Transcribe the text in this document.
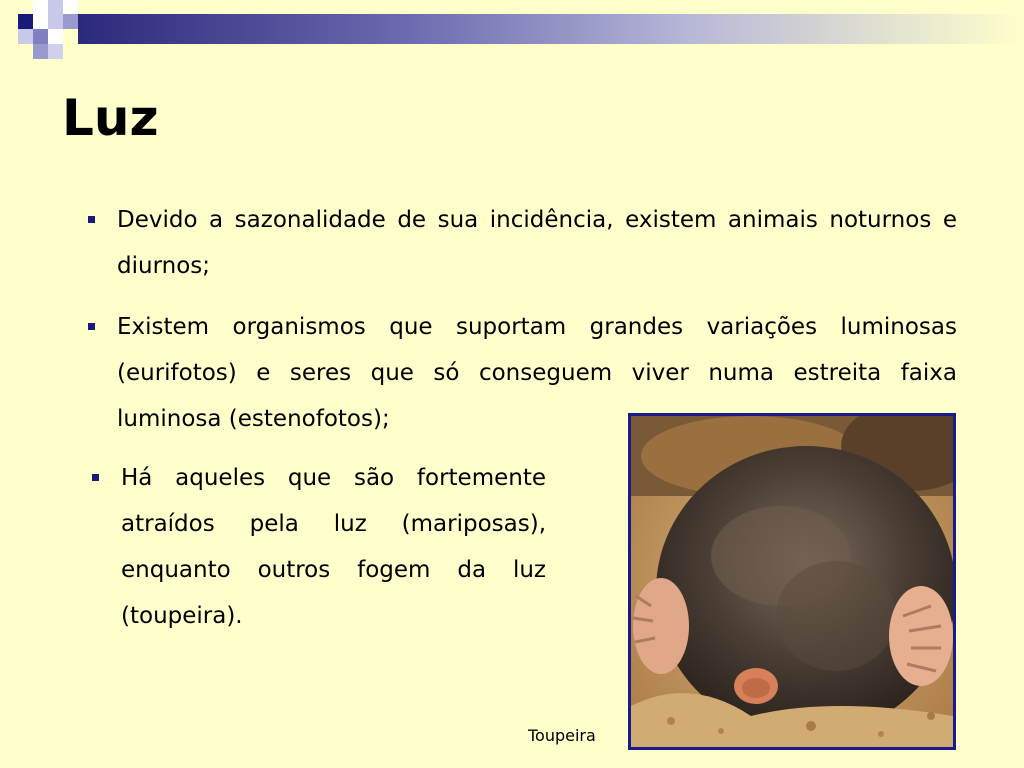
Luz
Devido a sazonalidade de sua incidência, existem animais noturnos e diurnos;
Existem organismos que suportam grandes variações luminosas (eurifotos) e seres que só conseguem viver numa estreita faixa luminosa (estenofotos);
Há aqueles que são fortemente atraídos pela luz (mariposas), enquanto outros fogem da luz (toupeira).
Toupeira
